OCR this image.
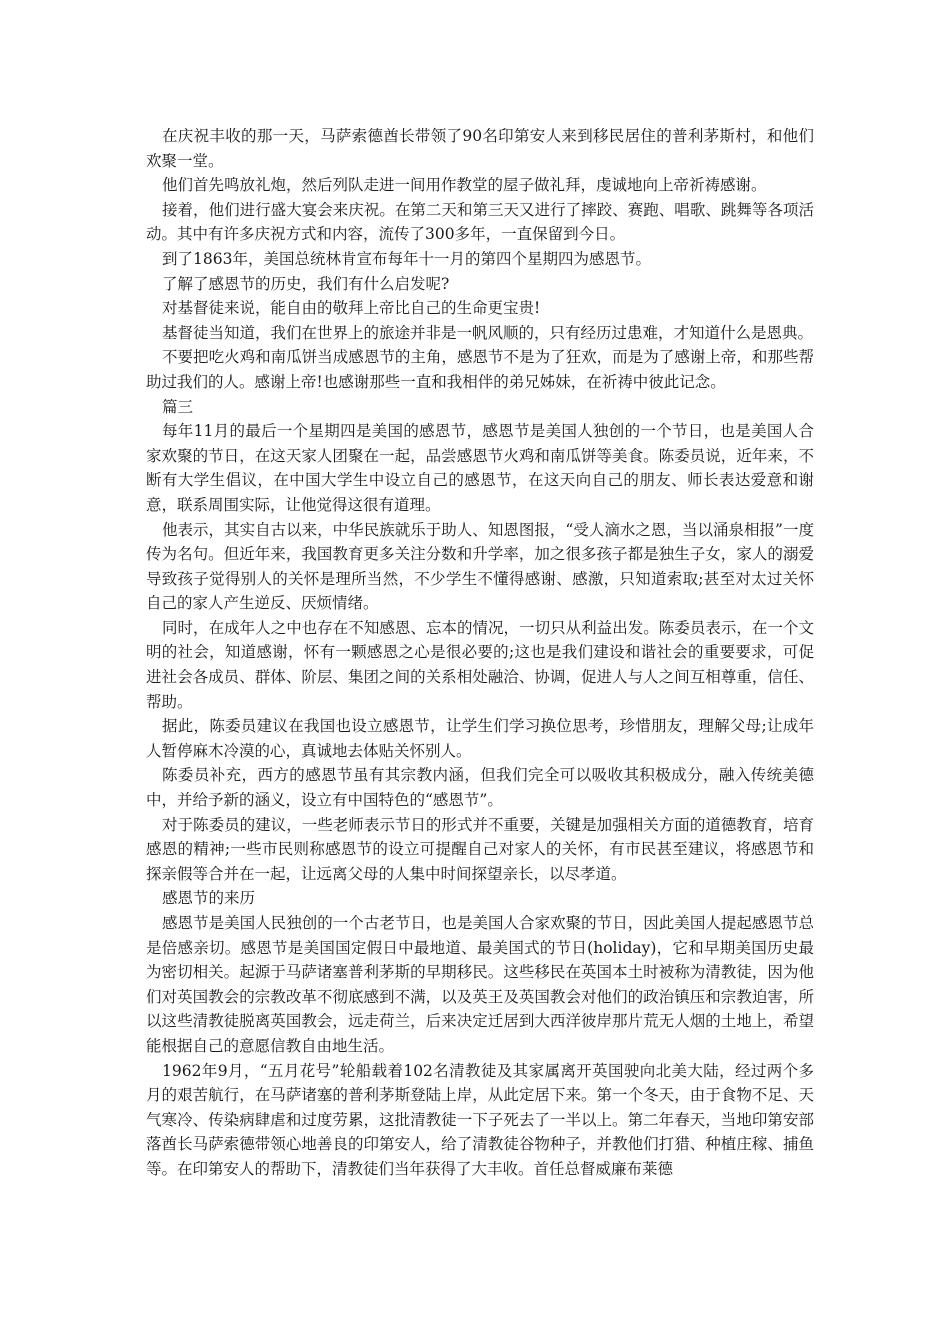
在庆祝丰收的那一天，马萨索德酋长带领了90名印第安人来到移民居住的普利茅斯村，和他们欢聚一堂。

他们首先鸣放礼炮，然后列队走进一间用作教堂的屋子做礼拜，虔诚地向上帝祈祷感谢。

接着，他们进行盛大宴会来庆祝。在第二天和第三天又进行了摔跤、赛跑、唱歌、跳舞等各项活动。其中有许多庆祝方式和内容，流传了300多年，一直保留到今日。

到了1863年，美国总统林肯宣布每年十一月的第四个星期四为感恩节。

了解了感恩节的历史，我们有什么启发呢?

对基督徒来说，能自由的敬拜上帝比自己的生命更宝贵!

基督徒当知道，我们在世界上的旅途并非是一帆风顺的，只有经历过患难，才知道什么是恩典。

不要把吃火鸡和南瓜饼当成感恩节的主角，感恩节不是为了狂欢，而是为了感谢上帝，和那些帮助过我们的人。感谢上帝!也感谢那些一直和我相伴的弟兄姊妹，在祈祷中彼此记念。

篇三

每年11月的最后一个星期四是美国的感恩节，感恩节是美国人独创的一个节日，也是美国人合家欢聚的节日，在这天家人团聚在一起，品尝感恩节火鸡和南瓜饼等美食。陈委员说，近年来，不断有大学生倡议，在中国大学生中设立自己的感恩节，在这天向自己的朋友、师长表达爱意和谢意，联系周围实际，让他觉得这很有道理。

他表示，其实自古以来，中华民族就乐于助人、知恩图报，“受人滴水之恩，当以涌泉相报”一度传为名句。但近年来，我国教育更多关注分数和升学率，加之很多孩子都是独生子女，家人的溺爱导致孩子觉得别人的关怀是理所当然，不少学生不懂得感谢、感激，只知道索取;甚至对太过关怀自己的家人产生逆反、厌烦情绪。

同时，在成年人之中也存在不知感恩、忘本的情况，一切只从利益出发。陈委员表示，在一个文明的社会，知道感谢，怀有一颗感恩之心是很必要的;这也是我们建设和谐社会的重要要求，可促进社会各成员、群体、阶层、集团之间的关系相处融洽、协调，促进人与人之间互相尊重，信任、帮助。

据此，陈委员建议在我国也设立感恩节，让学生们学习换位思考，珍惜朋友，理解父母;让成年人暂停麻木冷漠的心，真诚地去体贴关怀别人。

陈委员补充，西方的感恩节虽有其宗教内涵，但我们完全可以吸收其积极成分，融入传统美德中，并给予新的涵义，设立有中国特色的“感恩节”。

对于陈委员的建议，一些老师表示节日的形式并不重要，关键是加强相关方面的道德教育，培育感恩的精神;一些市民则称感恩节的设立可提醒自己对家人的关怀，有市民甚至建议，将感恩节和探亲假等合并在一起，让远离父母的人集中时间探望亲长，以尽孝道。

感恩节的来历

感恩节是美国人民独创的一个古老节日，也是美国人合家欢聚的节日，因此美国人提起感恩节总是倍感亲切。感恩节是美国国定假日中最地道、最美国式的节日(holiday)，它和早期美国历史最为密切相关。起源于马萨诸塞普利茅斯的早期移民。这些移民在英国本土时被称为清教徒，因为他们对英国教会的宗教改革不彻底感到不满，以及英王及英国教会对他们的政治镇压和宗教迫害，所以这些清教徒脱离英国教会，远走荷兰，后来决定迁居到大西洋彼岸那片荒无人烟的土地上，希望能根据自己的意愿信教自由地生活。

1962年9月，“五月花号”轮船载着102名清教徒及其家属离开英国驶向北美大陆，经过两个多月的艰苦航行，在马萨诸塞的普利茅斯登陆上岸，从此定居下来。第一个冬天，由于食物不足、天气寒冷、传染病肆虐和过度劳累，这批清教徒一下子死去了一半以上。第二年春天，当地印第安部落酋长马萨索德带领心地善良的印第安人，给了清教徒谷物种子，并教他们打猎、种植庄稼、捕鱼等。在印第安人的帮助下，清教徒们当年获得了大丰收。首任总督威廉布莱德
